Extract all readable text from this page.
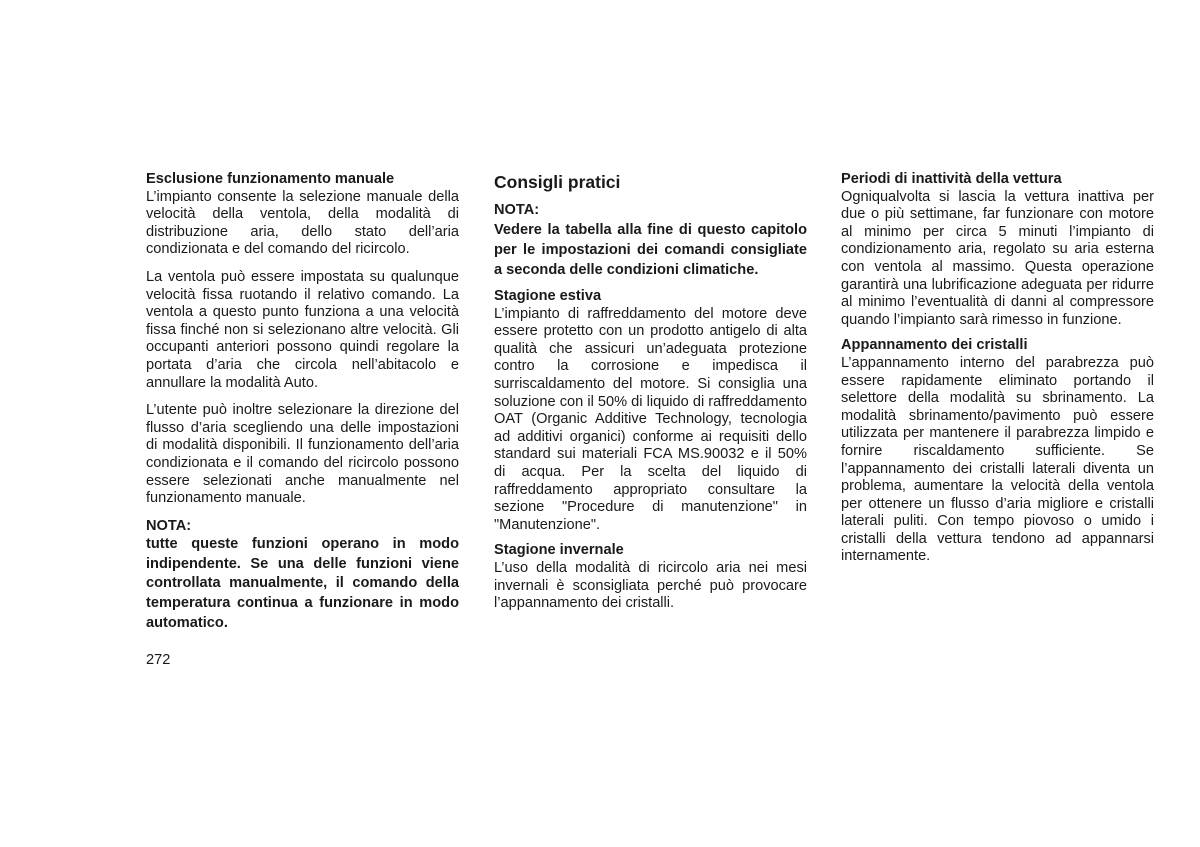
Esclusione funzionamento manuale

L’impianto consente la selezione manuale della velocità della ventola, della modalità di distribuzione aria, dello stato dell’aria condizionata e del comando del ricircolo.

La ventola può essere impostata su qualunque velocità fissa ruotando il relativo comando. La ventola a questo punto funziona a una velocità fissa finché non si selezionano altre velocità. Gli occupanti anteriori possono quindi regolare la portata d’aria che circola nell’abitacolo e annullare la modalità Auto.

L’utente può inoltre selezionare la direzione del flusso d’aria scegliendo una delle impostazioni di modalità disponibili. Il funzionamento dell’aria condizionata e il comando del ricircolo possono essere selezionati anche manualmente nel funzionamento manuale.

NOTA:

tutte queste funzioni operano in modo indipendente. Se una delle funzioni viene controllata manualmente, il comando della temperatura continua a funzionare in modo automatico.

Consigli pratici
NOTA:

Vedere la tabella alla fine di questo capitolo per le impostazioni dei comandi consigliate a seconda delle condizioni climatiche.

Stagione estiva

L’impianto di raffreddamento del motore deve essere protetto con un prodotto antigelo di alta qualità che assicuri un’adeguata protezione contro la corrosione e impedisca il surriscaldamento del motore. Si consiglia una soluzione con il 50% di liquido di raffreddamento OAT (Organic Additive Technology, tecnologia ad additivi organici) conforme ai requisiti dello standard sui materiali FCA MS.90032 e il 50% di acqua. Per la scelta del liquido di raffreddamento appropriato consultare la sezione "Procedure di manutenzione" in "Manutenzione".

Stagione invernale

L’uso della modalità di ricircolo aria nei mesi invernali è sconsigliata perché può provocare l’appannamento dei cristalli.

Periodi di inattività della vettura

Ogniqualvolta si lascia la vettura inattiva per due o più settimane, far funzionare con motore al minimo per circa 5 minuti l’impianto di condizionamento aria, regolato su aria esterna con ventola al massimo. Questa operazione garantirà una lubrificazione adeguata per ridurre al minimo l’eventualità di danni al compressore quando l’impianto sarà rimesso in funzione.

Appannamento dei cristalli

L’appannamento interno del parabrezza può essere rapidamente eliminato portando il selettore della modalità su sbrinamento. La modalità sbrinamento/pavimento può essere utilizzata per mantenere il parabrezza limpido e fornire riscaldamento sufficiente. Se l’appannamento dei cristalli laterali diventa un problema, aumentare la velocità della ventola per ottenere un flusso d’aria migliore e cristalli laterali puliti. Con tempo piovoso o umido i cristalli della vettura tendono ad appannarsi internamente.

272
